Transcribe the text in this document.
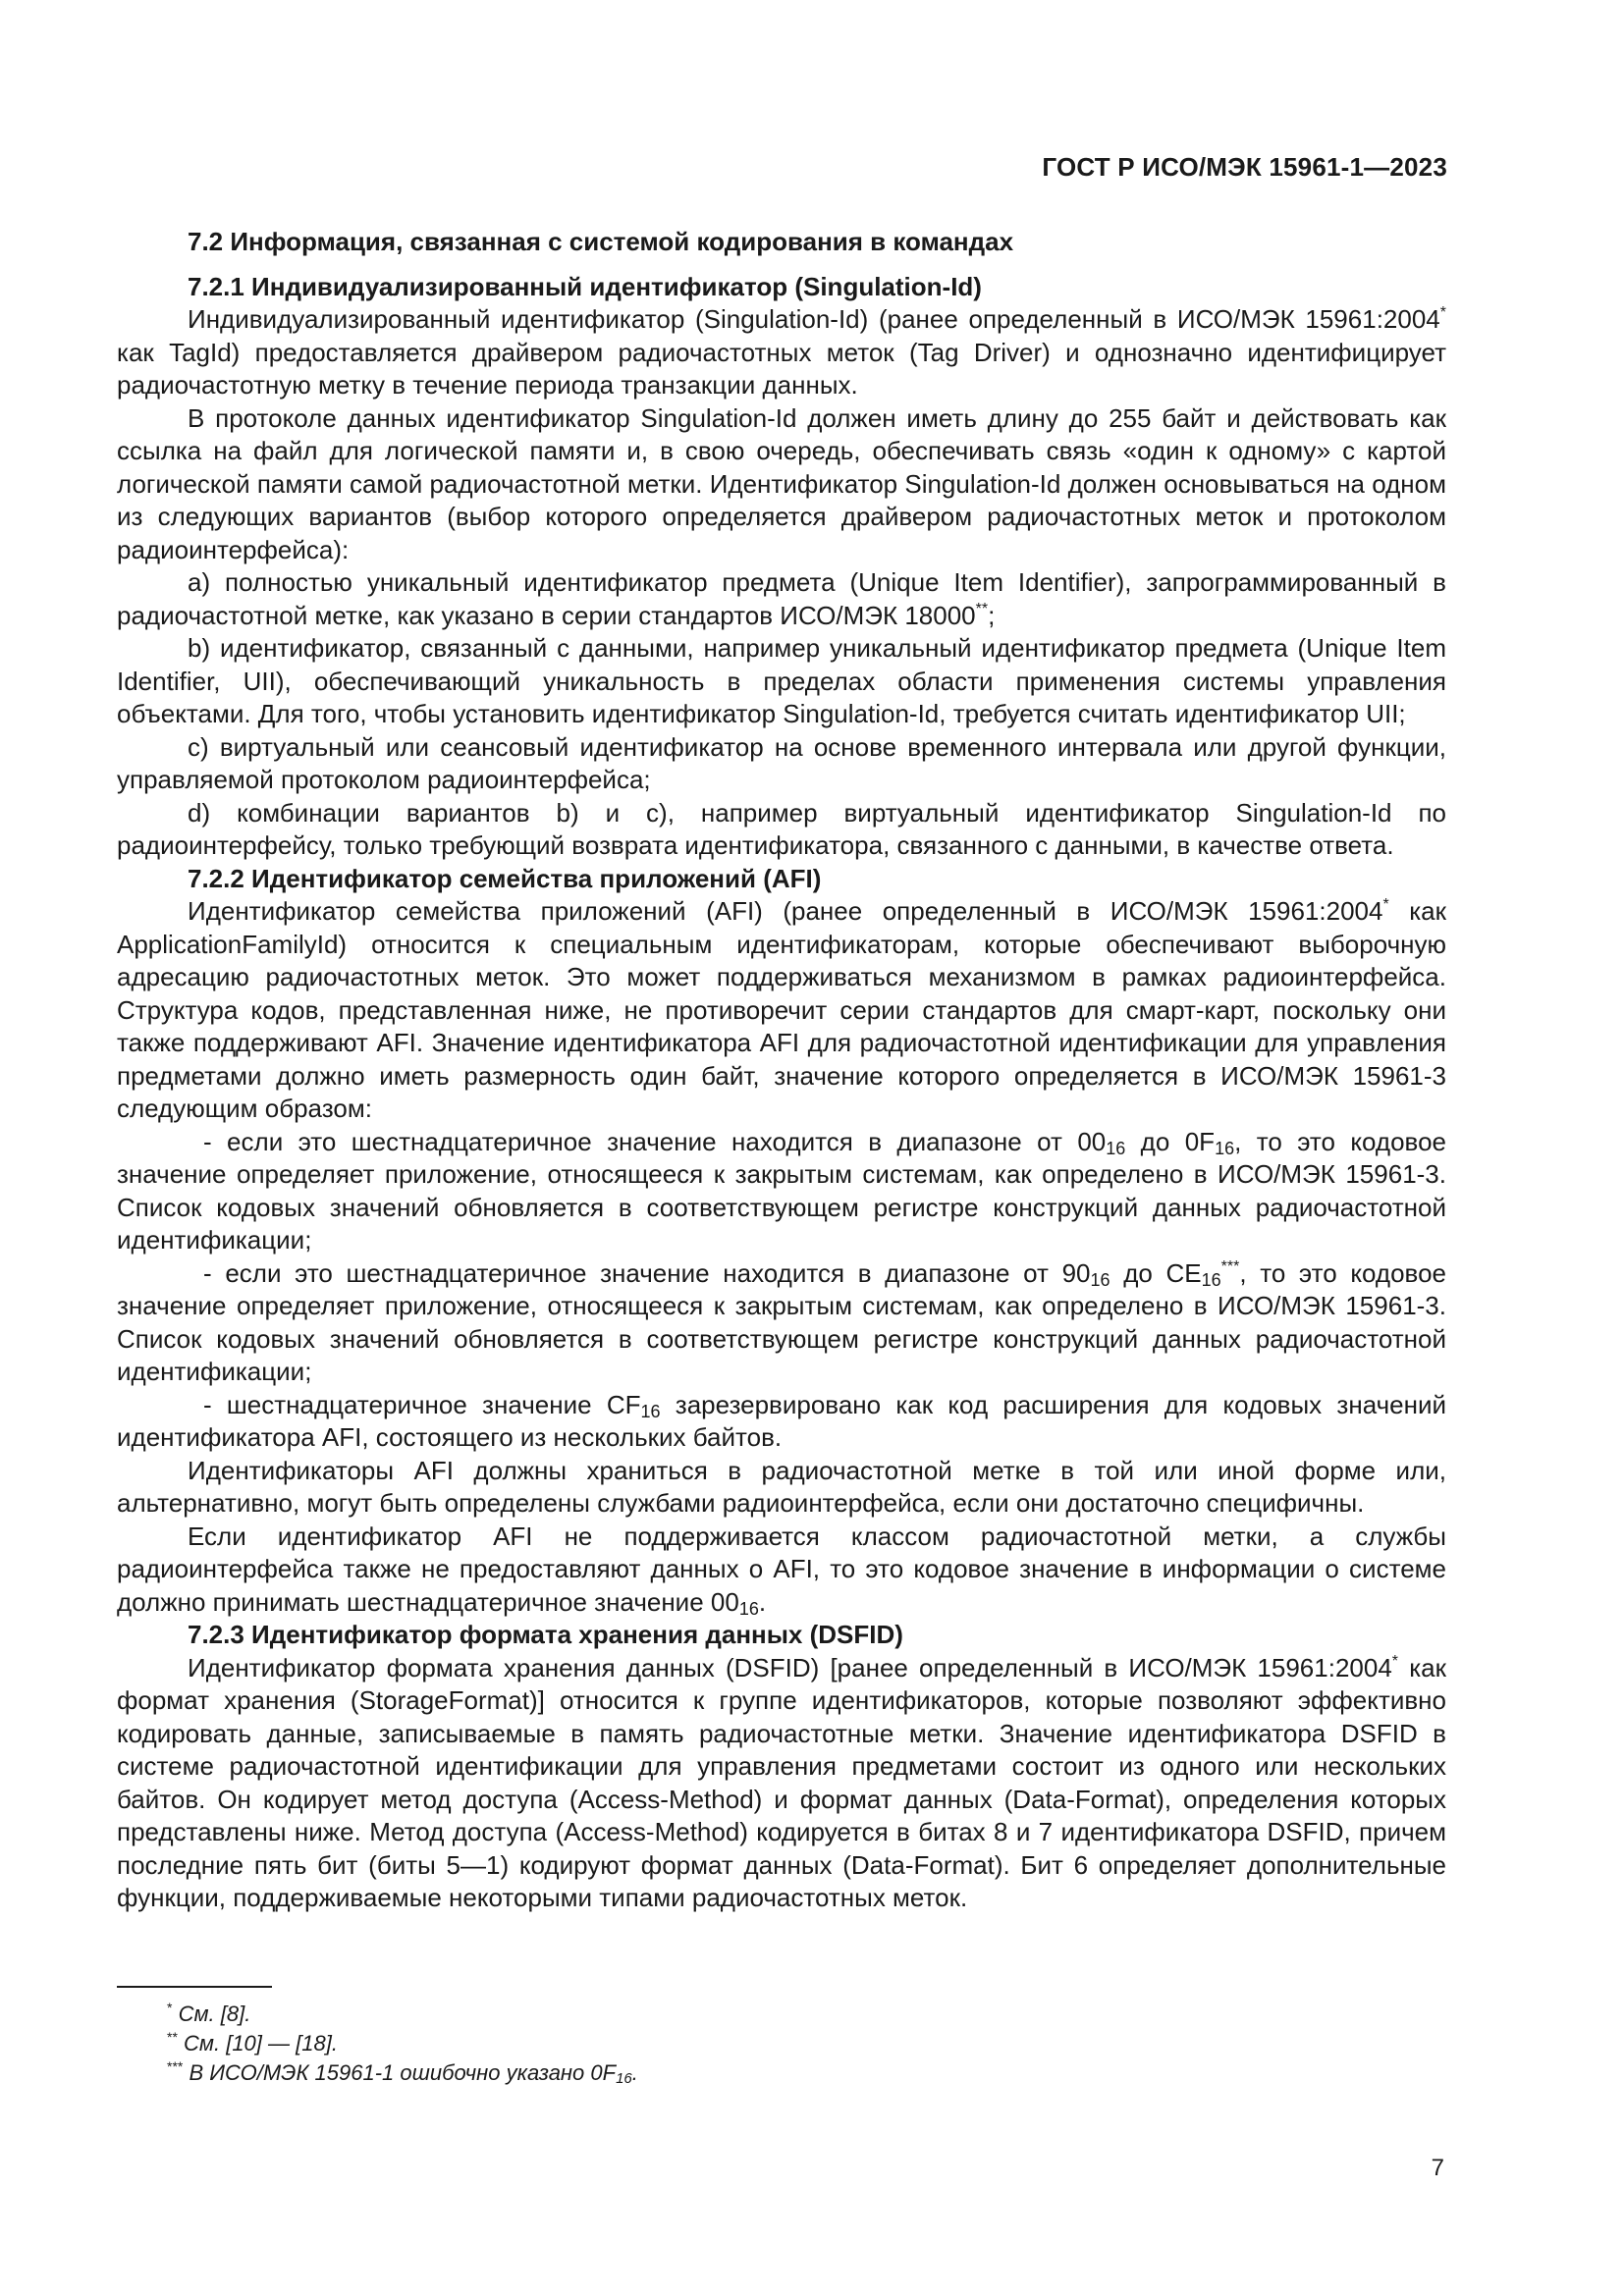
ГОСТ Р ИСО/МЭК 15961-1—2023
7.2 Информация, связанная с системой кодирования в командах
7.2.1 Индивидуализированный идентификатор (Singulation-Id)

Индивидуализированный идентификатор (Singulation-Id) (ранее определенный в ИСО/МЭК 15961:2004* как TagId) предоставляется драйвером радиочастотных меток (Tag Driver) и однозначно идентифицирует радиочастотную метку в течение периода транзакции данных.

В протоколе данных идентификатор Singulation-Id должен иметь длину до 255 байт и действовать как ссылка на файл для логической памяти и, в свою очередь, обеспечивать связь «один к одному» с картой логической памяти самой радиочастотной метки. Идентификатор Singulation-Id должен основываться на одном из следующих вариантов (выбор которого определяется драйвером радиочастотных меток и протоколом радиоинтерфейса):

a) полностью уникальный идентификатор предмета (Unique Item Identifier), запрограммированный в радиочастотной метке, как указано в серии стандартов ИСО/МЭК 18000**;

b) идентификатор, связанный с данными, например уникальный идентификатор предмета (Unique Item Identifier, UII), обеспечивающий уникальность в пределах области применения системы управления объектами. Для того, чтобы установить идентификатор Singulation-Id, требуется считать идентификатор UII;

c) виртуальный или сеансовый идентификатор на основе временного интервала или другой функции, управляемой протоколом радиоинтерфейса;

d) комбинации вариантов b) и c), например виртуальный идентификатор Singulation-Id по радиоинтерфейсу, только требующий возврата идентификатора, связанного с данными, в качестве ответа.

7.2.2 Идентификатор семейства приложений (AFI)

Идентификатор семейства приложений (AFI) (ранее определенный в ИСО/МЭК 15961:2004* как ApplicationFamilyId) относится к специальным идентификаторам, которые обеспечивают выборочную адресацию радиочастотных меток. Это может поддерживаться механизмом в рамках радиоинтерфейса. Структура кодов, представленная ниже, не противоречит серии стандартов для смарт-карт, поскольку они также поддерживают AFI. Значение идентификатора AFI для радиочастотной идентификации для управления предметами должно иметь размерность один байт, значение которого определяется в ИСО/МЭК 15961-3 следующим образом:

- если это шестнадцатеричное значение находится в диапазоне от $00_{16}$ до $0F_{16}$, то это кодовое значение определяет приложение, относящееся к закрытым системам, как определено в ИСО/МЭК 15961-3. Список кодовых значений обновляется в соответствующем регистре конструкций данных радиочастотной идентификации;

- если это шестнадцатеричное значение находится в диапазоне от $90_{16}$ до $CE_{16}^{***}$, то это кодовое значение определяет приложение, относящееся к закрытым системам, как определено в ИСО/МЭК 15961-3. Список кодовых значений обновляется в соответствующем регистре конструкций данных радиочастотной идентификации;

- шестнадцатеричное значение $CF_{16}$ зарезервировано как код расширения для кодовых значений идентификатора AFI, состоящего из нескольких байтов.

Идентификаторы AFI должны храниться в радиочастотной метке в той или иной форме или, альтернативно, могут быть определены службами радиоинтерфейса, если они достаточно специфичны.

Если идентификатор AFI не поддерживается классом радиочастотной метки, а службы радиоинтерфейса также не предоставляют данных о AFI, то это кодовое значение в информации о системе должно принимать шестнадцатеричное значение $00_{16}$.

7.2.3 Идентификатор формата хранения данных (DSFID)

Идентификатор формата хранения данных (DSFID) [ранее определенный в ИСО/МЭК 15961:2004* как формат хранения (StorageFormat)] относится к группе идентификаторов, которые позволяют эффективно кодировать данные, записываемые в память радиочастотные метки. Значение идентификатора DSFID в системе радиочастотной идентификации для управления предметами состоит из одного или нескольких байтов. Он кодирует метод доступа (Access-Method) и формат данных (Data-Format), определения которых представлены ниже. Метод доступа (Access-Method) кодируется в битах 8 и 7 идентификатора DSFID, причем последние пять бит (биты 5—1) кодируют формат данных (Data-Format). Бит 6 определяет дополнительные функции, поддерживаемые некоторыми типами радиочастотных меток.

* См. [8].
** См. [10] — [18].
*** В ИСО/МЭК 15961-1 ошибочно указано $0F_{16}$.
7
